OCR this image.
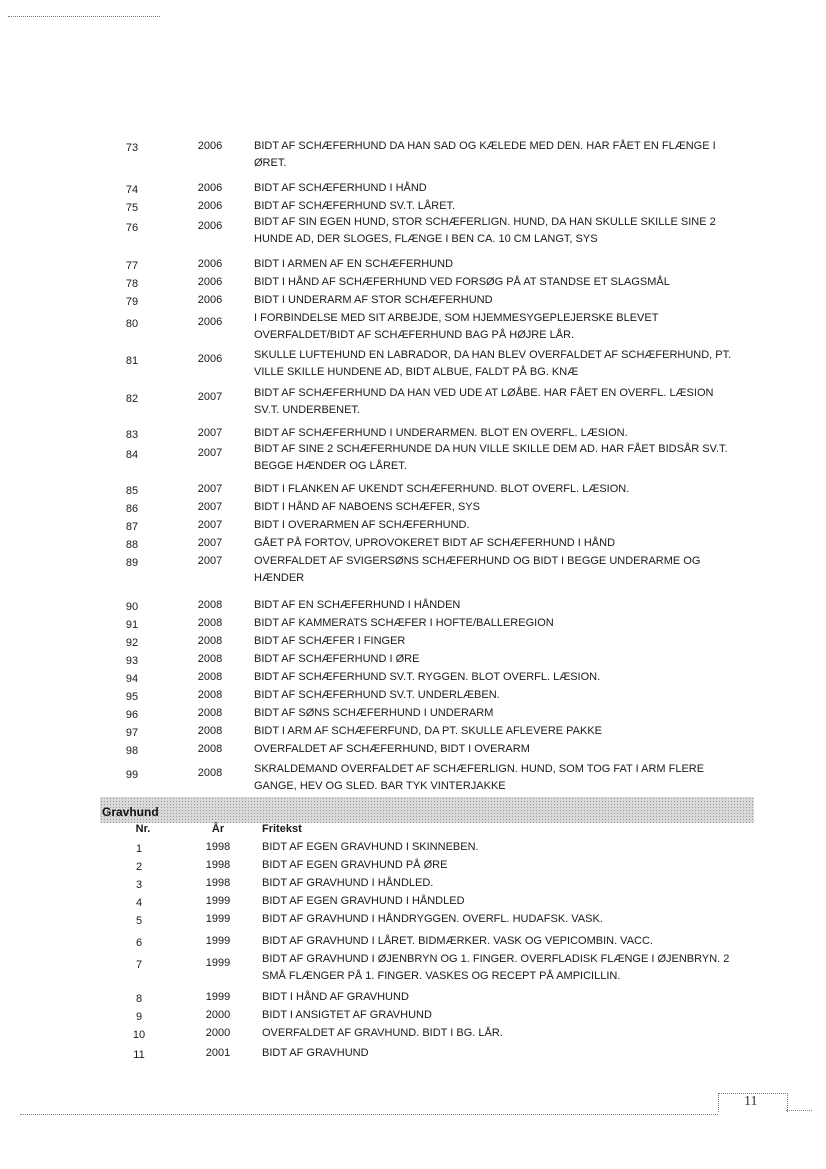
73	2006	BIDT AF SCHÆFERHUND DA HAN SAD OG KÆLEDE MED DEN. HAR FÅET EN FLÆNGE I ØRET.
74	2006	BIDT AF SCHÆFERHUND I HÅND
75	2006	BIDT AF SCHÆFERHUND SV.T. LÅRET.
76	2006	BIDT AF SIN EGEN HUND, STOR SCHÆFERLIGN. HUND, DA HAN SKULLE SKILLE SINE 2 HUNDE AD, DER SLOGES, FLÆNGE I BEN CA. 10 CM LANGT, SYS
77	2006	BIDT I ARMEN AF EN SCHÆFERHUND
78	2006	BIDT I HÅND AF SCHÆFERHUND VED FORSØG PÅ AT STANDSE ET SLAGSMÅL
79	2006	BIDT I UNDERARM AF STOR SCHÆFERHUND
80	2006	I FORBINDELSE MED SIT ARBEJDE, SOM HJEMMESYGEPLEJERSKE BLEVET OVERFALDET/BIDT AF SCHÆFERHUND BAG PÅ HØJRE LÅR.
81	2006	SKULLE LUFTEHUND EN LABRADOR, DA HAN BLEV OVERFALDET AF SCHÆFERHUND, PT. VILLE SKILLE HUNDENE AD, BIDT ALBUE, FALDT PÅ BG. KNÆ
82	2007	BIDT AF SCHÆFERHUND DA HAN VED UDE AT LØÅBE. HAR FÅET EN OVERFL. LÆSION SV.T. UNDERBENET.
83	2007	BIDT AF SCHÆFERHUND I UNDERARMEN. BLOT EN OVERFL. LÆSION.
84	2007	BIDT AF SINE 2 SCHÆFERHUNDE DA HUN VILLE SKILLE DEM AD. HAR FÅET BIDSÅR SV.T. BEGGE HÆNDER OG LÅRET.
85	2007	BIDT I FLANKEN AF UKENDT SCHÆFERHUND. BLOT OVERFL. LÆSION.
86	2007	BIDT I HÅND AF NABOENS SCHÆFER, SYS
87	2007	BIDT I OVERARMEN AF SCHÆFERHUND.
88	2007	GÅET PÅ FORTOV, UPROVOKERET BIDT AF SCHÆFERHUND I HÅND
89	2007	OVERFALDET AF SVIGERSØNS SCHÆFERHUND OG BIDT I BEGGE UNDERARME OG HÆNDER
90	2008	BIDT AF EN SCHÆFERHUND I HÅNDEN
91	2008	BIDT AF KAMMERATS SCHÆFER I HOFTE/BALLEREGION
92	2008	BIDT AF SCHÆFER I FINGER
93	2008	BIDT AF SCHÆFERHUND I ØRE
94	2008	BIDT AF SCHÆFERHUND SV.T. RYGGEN. BLOT OVERFL. LÆSION.
95	2008	BIDT AF SCHÆFERHUND SV.T. UNDERLÆBEN.
96	2008	BIDT AF SØNS SCHÆFERHUND I UNDERARM
97	2008	BIDT I ARM AF SCHÆFERFUND, DA PT. SKULLE AFLEVERE PAKKE
98	2008	OVERFALDET AF SCHÆFERHUND, BIDT I OVERARM
99	2008	SKRALDEMAND OVERFALDET AF SCHÆFERLIGN. HUND, SOM TOG FAT I ARM FLERE GANGE, HEV OG SLED. BAR TYK VINTERJAKKE
Gravhund
Nr.	År	Fritekst
1	1998	BIDT AF EGEN GRAVHUND I SKINNEBEN.
2	1998	BIDT AF EGEN GRAVHUND PÅ ØRE
3	1998	BIDT AF GRAVHUND I HÅNDLED.
4	1999	BIDT AF EGEN GRAVHUND I HÅNDLED
5	1999	BIDT AF GRAVHUND I HÅNDRYGGEN. OVERFL. HUDAFSK. VASK.
6	1999	BIDT AF GRAVHUND I LÅRET. BIDMÆRKER. VASK OG VEPICOMBIN. VACC.
7	1999	BIDT AF GRAVHUND I ØJENBRYN OG 1. FINGER. OVERFLADISK FLÆNGE I ØJENBRYN. 2 SMÅ FLÆNGER PÅ 1. FINGER. VASKES OG RECEPT PÅ AMPICILLIN.
8	1999	BIDT I HÅND AF GRAVHUND
9	2000	BIDT I ANSIGTET AF GRAVHUND
10	2000	OVERFALDET AF GRAVHUND. BIDT I BG. LÅR.
11	2001	BIDT AF GRAVHUND
11
